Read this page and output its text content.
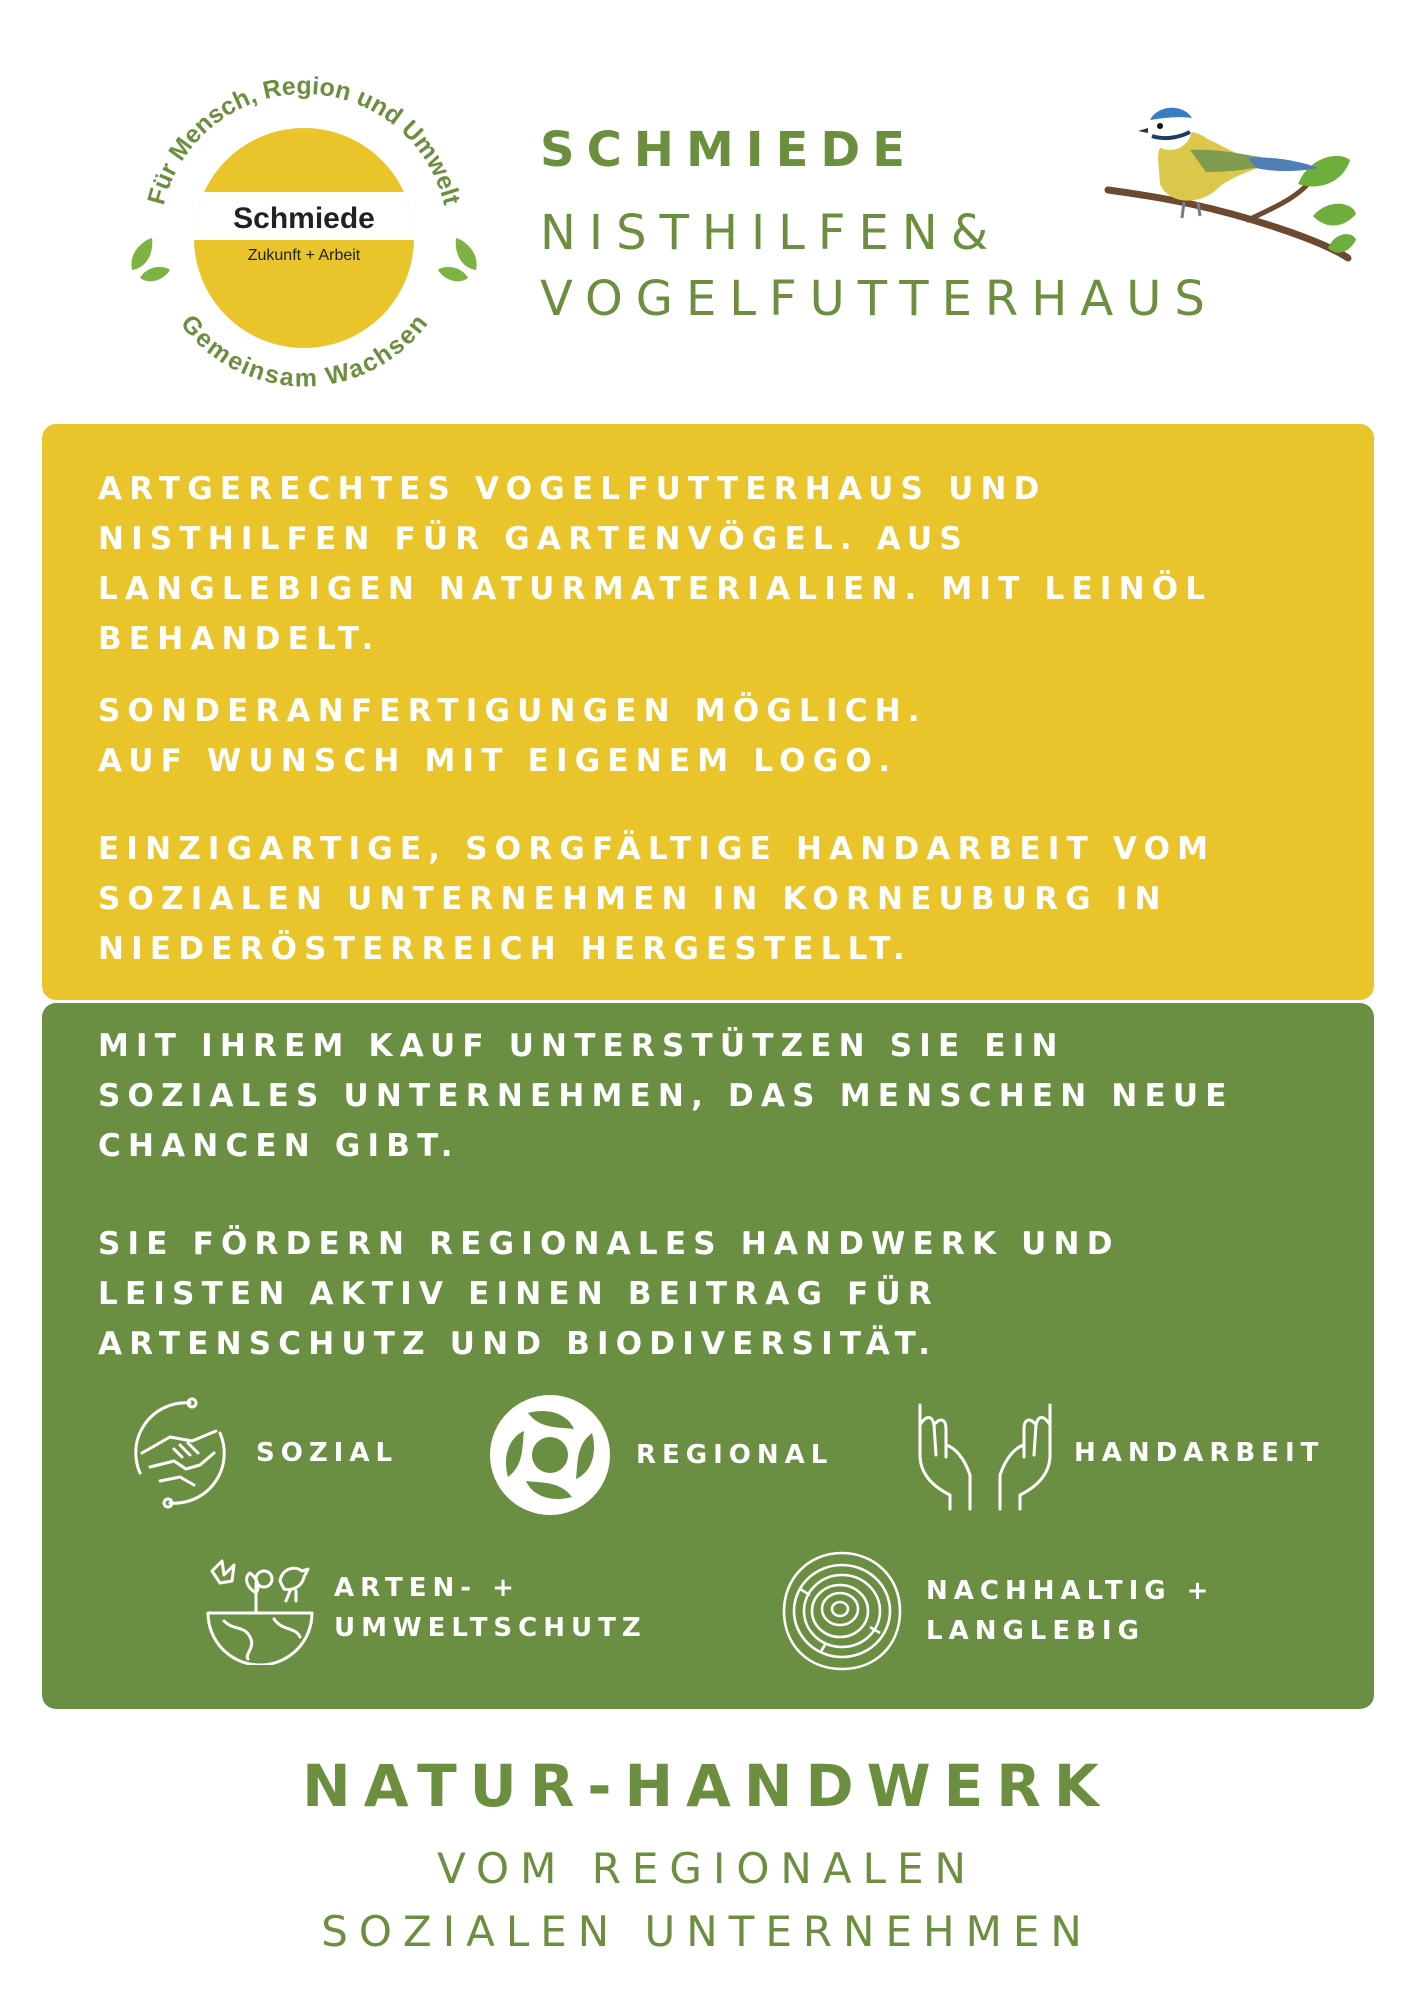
Schmiede
Zukunft + Arbeit
Für Mensch, Region und Umwelt
Gemeinsam Wachsen
SCHMIEDE
NISTHILFEN&
VOGELFUTTERHAUS
ARTGERECHTES VOGELFUTTERHAUS UND
NISTHILFEN FÜR GARTENVÖGEL. AUS
LANGLEBIGEN NATURMATERIALIEN. MIT LEINÖL
BEHANDELT.
SONDERANFERTIGUNGEN MÖGLICH.
AUF WUNSCH MIT EIGENEM LOGO.
EINZIGARTIGE, SORGFÄLTIGE HANDARBEIT VOM
SOZIALEN UNTERNEHMEN IN KORNEUBURG IN
NIEDERÖSTERREICH HERGESTELLT.
MIT IHREM KAUF UNTERSTÜTZEN SIE EIN
SOZIALES UNTERNEHMEN, DAS MENSCHEN NEUE
CHANCEN GIBT.
SIE FÖRDERN REGIONALES HANDWERK UND
LEISTEN AKTIV EINEN BEITRAG FÜR
ARTENSCHUTZ UND BIODIVERSITÄT.
SOZIAL	REGIONAL	HANDARBEIT
ARTEN- +
UMWELTSCHUTZ
NACHHALTIG +
LANGLEBIG
NATUR-HANDWERK
VOM REGIONALEN
SOZIALEN UNTERNEHMEN
